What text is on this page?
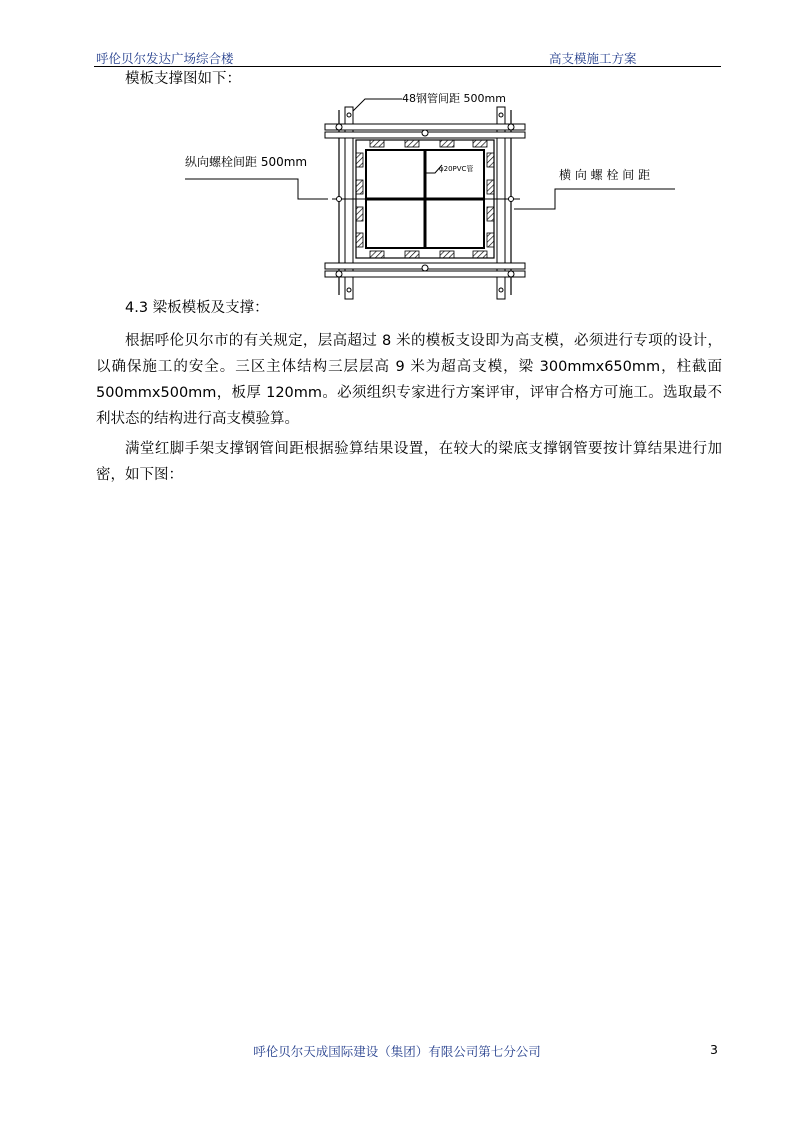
呼伦贝尔发达广场综合楼	高支模施工方案
模板支撑图如下：
48钢管间距 500mm
纵向螺栓间距 500mm
横 向 螺 栓 间 距
φ20PVC管
4.3 梁板模板及支撑：
根据呼伦贝尔市的有关规定，层高超过 8 米的模板支设即为高支模，必须进行专项的设计，以确保施工的安全。三区主体结构三层层高 9 米为超高支模，梁 300mmx650mm，柱截面 500mmx500mm，板厚 120mm。必须组织专家进行方案评审，评审合格方可施工。选取最不利状态的结构进行高支模验算。
满堂红脚手架支撑钢管间距根据验算结果设置，在较大的梁底支撑钢管要按计算结果进行加密，如下图：
呼伦贝尔天成国际建设（集团）有限公司第七分公司	3
